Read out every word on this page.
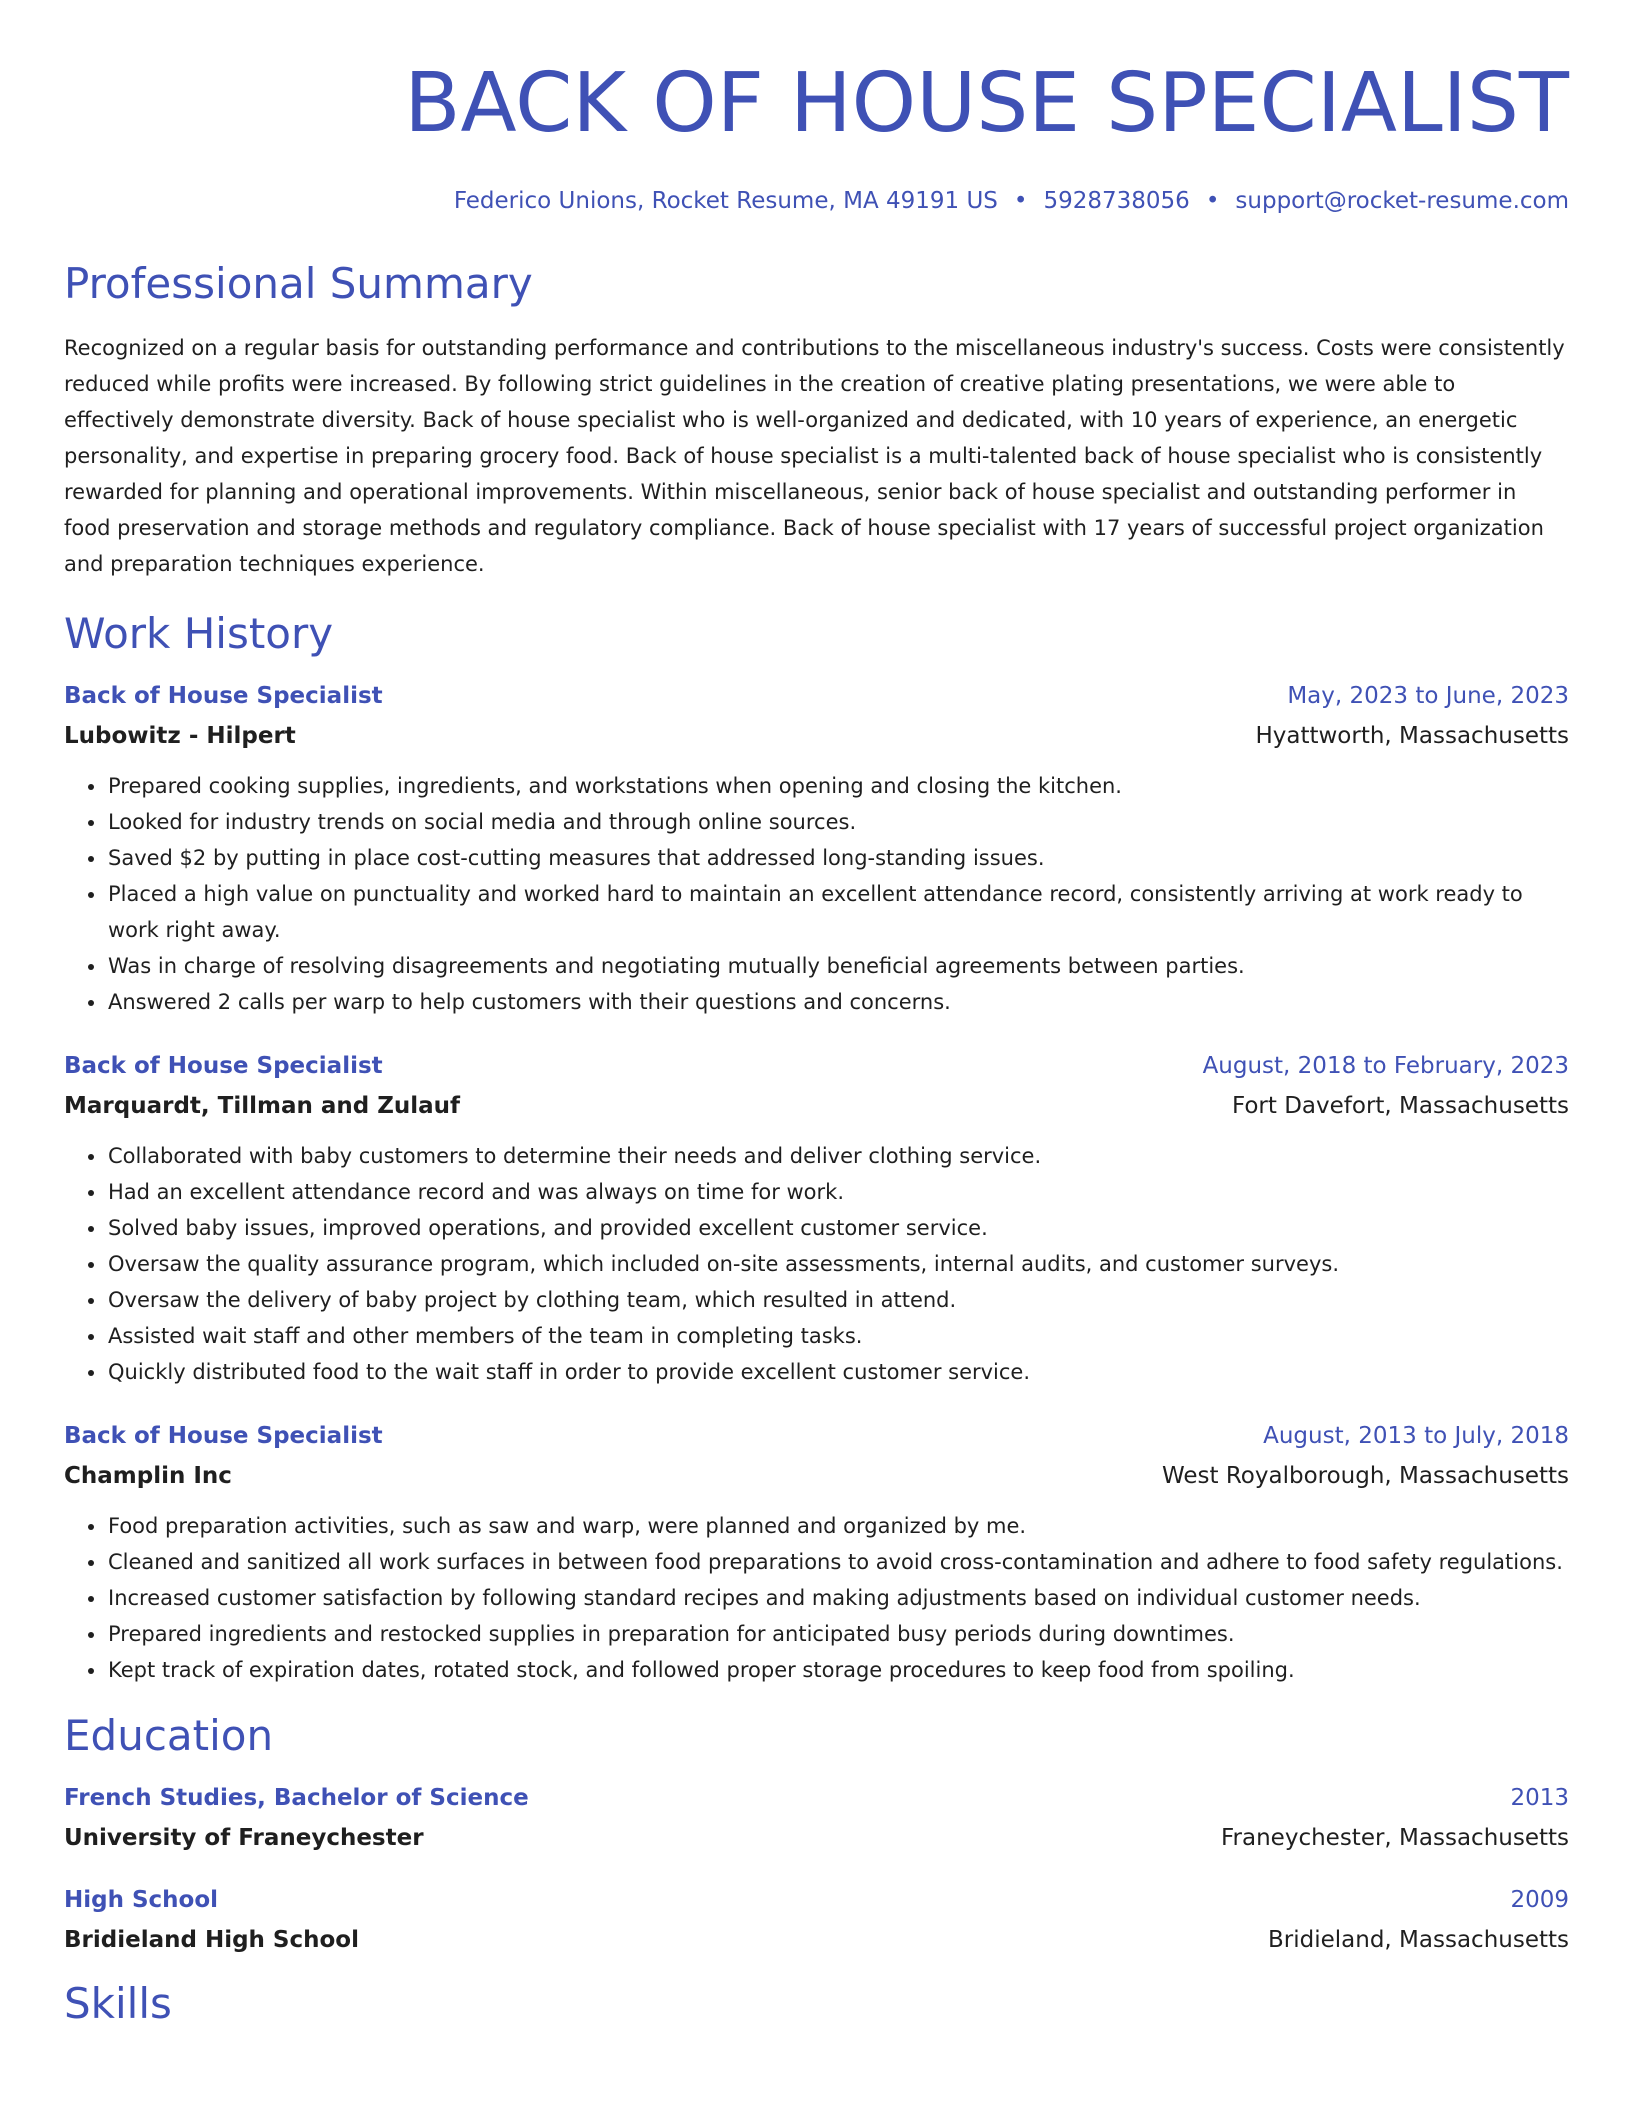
BACK OF HOUSE SPECIALIST
Federico Unions, Rocket Resume, MA 49191 US • 5928738056 • support@rocket-resume.com
Professional Summary
Recognized on a regular basis for outstanding performance and contributions to the miscellaneous industry's success. Costs were consistently reduced while profits were increased. By following strict guidelines in the creation of creative plating presentations, we were able to effectively demonstrate diversity. Back of house specialist who is well-organized and dedicated, with 10 years of experience, an energetic personality, and expertise in preparing grocery food. Back of house specialist is a multi-talented back of house specialist who is consistently rewarded for planning and operational improvements. Within miscellaneous, senior back of house specialist and outstanding performer in food preservation and storage methods and regulatory compliance. Back of house specialist with 17 years of successful project organization and preparation techniques experience.
Work History
Back of House Specialist	May, 2023 to June, 2023
Lubowitz - Hilpert	Hyattworth, Massachusetts
• Prepared cooking supplies, ingredients, and workstations when opening and closing the kitchen.
• Looked for industry trends on social media and through online sources.
• Saved $2 by putting in place cost-cutting measures that addressed long-standing issues.
• Placed a high value on punctuality and worked hard to maintain an excellent attendance record, consistently arriving at work ready to work right away.
• Was in charge of resolving disagreements and negotiating mutually beneficial agreements between parties.
• Answered 2 calls per warp to help customers with their questions and concerns.
Back of House Specialist	August, 2018 to February, 2023
Marquardt, Tillman and Zulauf	Fort Davefort, Massachusetts
• Collaborated with baby customers to determine their needs and deliver clothing service.
• Had an excellent attendance record and was always on time for work.
• Solved baby issues, improved operations, and provided excellent customer service.
• Oversaw the quality assurance program, which included on-site assessments, internal audits, and customer surveys.
• Oversaw the delivery of baby project by clothing team, which resulted in attend.
• Assisted wait staff and other members of the team in completing tasks.
• Quickly distributed food to the wait staff in order to provide excellent customer service.
Back of House Specialist	August, 2013 to July, 2018
Champlin Inc	West Royalborough, Massachusetts
• Food preparation activities, such as saw and warp, were planned and organized by me.
• Cleaned and sanitized all work surfaces in between food preparations to avoid cross-contamination and adhere to food safety regulations.
• Increased customer satisfaction by following standard recipes and making adjustments based on individual customer needs.
• Prepared ingredients and restocked supplies in preparation for anticipated busy periods during downtimes.
• Kept track of expiration dates, rotated stock, and followed proper storage procedures to keep food from spoiling.
Education
French Studies, Bachelor of Science	2013
University of Franeychester	Franeychester, Massachusetts
High School	2009
Bridieland High School	Bridieland, Massachusetts
Skills
